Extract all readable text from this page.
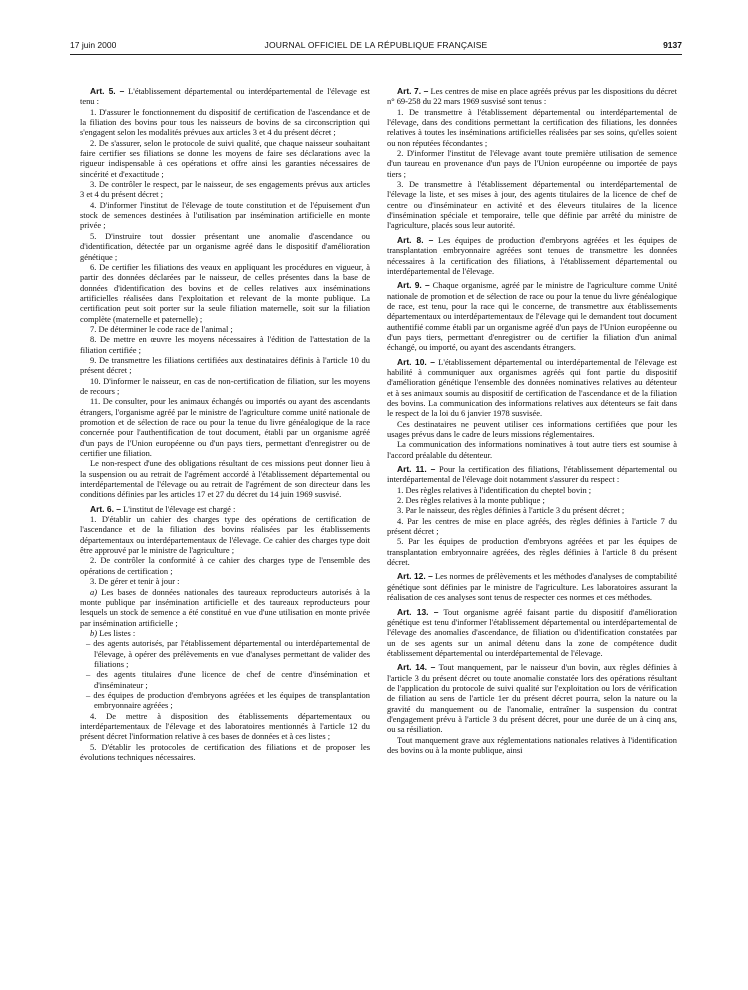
17 juin 2000	JOURNAL OFFICIEL DE LA RÉPUBLIQUE FRANÇAISE	9137

Art. 5. – L'établissement départemental ou interdépartemental de l'élevage est tenu :

1. D'assurer le fonctionnement du dispositif de certification de l'ascendance et de la filiation des bovins pour tous les naisseurs de bovins de sa circonscription qui s'engagent selon les modalités prévues aux articles 3 et 4 du présent décret ;

2. De s'assurer, selon le protocole de suivi qualité, que chaque naisseur souhaitant faire certifier ses filiations se donne les moyens de faire ses déclarations avec la rigueur indispensable à ces opérations et offre ainsi les garanties nécessaires de sincérité et d'exactitude ;

3. De contrôler le respect, par le naisseur, de ses engagements prévus aux articles 3 et 4 du présent décret ;

4. D'informer l'institut de l'élevage de toute constitution et de l'épuisement d'un stock de semences destinées à l'utilisation par insémination artificielle en monte privée ;

5. D'instruire tout dossier présentant une anomalie d'ascendance ou d'identification, détectée par un organisme agréé dans le dispositif d'amélioration génétique ;

6. De certifier les filiations des veaux en appliquant les procédures en vigueur, à partir des données déclarées par le naisseur, de celles présentes dans la base de données d'identification des bovins et de celles relatives aux inséminations artificielles réalisées dans l'exploitation et relevant de la monte publique. La certification peut soit porter sur la seule filiation maternelle, soit sur la filiation complète (maternelle et paternelle) ;

7. De déterminer le code race de l'animal ;

8. De mettre en œuvre les moyens nécessaires à l'édition de l'attestation de la filiation certifiée ;

9. De transmettre les filiations certifiées aux destinataires définis à l'article 10 du présent décret ;

10. D'informer le naisseur, en cas de non-certification de filiation, sur les moyens de recours ;

11. De consulter, pour les animaux échangés ou importés ou ayant des ascendants étrangers, l'organisme agréé par le ministre de l'agriculture comme unité nationale de promotion et de sélection de race ou pour la tenue du livre généalogique de la race concernée pour l'authentification de tout document, établi par un organisme agréé d'un pays de l'Union européenne ou d'un pays tiers, permettant d'enregistrer ou de certifier une filiation.

Le non-respect d'une des obligations résultant de ces missions peut donner lieu à la suspension ou au retrait de l'agrément accordé à l'établissement départemental ou interdépartemental de l'élevage ou au retrait de l'agrément de son directeur dans les conditions définies par les articles 17 et 27 du décret du 14 juin 1969 susvisé.

Art. 6. – L'institut de l'élevage est chargé :

1. D'établir un cahier des charges type des opérations de certification de l'ascendance et de la filiation des bovins réalisées par les établissements départementaux ou interdépartementaux de l'élevage. Ce cahier des charges type doit être approuvé par le ministre de l'agriculture ;

2. De contrôler la conformité à ce cahier des charges type de l'ensemble des opérations de certification ;

3. De gérer et tenir à jour :

a) Les bases de données nationales des taureaux reproducteurs autorisés à la monte publique par insémination artificielle et des taureaux reproducteurs pour lesquels un stock de semence a été constitué en vue d'une utilisation en monte privée par insémination artificielle ;

b) Les listes :

– des agents autorisés, par l'établissement départemental ou interdépartemental de l'élevage, à opérer des prélèvements en vue d'analyses permettant de valider des filiations ;

– des agents titulaires d'une licence de chef de centre d'insémination et d'inséminateur ;

– des équipes de production d'embryons agréées et les équipes de transplantation embryonnaire agréées ;

4. De mettre à disposition des établissements départementaux ou interdépartementaux de l'élevage et des laboratoires mentionnés à l'article 12 du présent décret l'information relative à ces bases de données et à ces listes ;

5. D'établir les protocoles de certification des filiations et de proposer les évolutions techniques nécessaires.

Art. 7. – Les centres de mise en place agréés prévus par les dispositions du décret n° 69-258 du 22 mars 1969 susvisé sont tenus :

1. De transmettre à l'établissement départemental ou interdépartemental de l'élevage, dans des conditions permettant la certification des filiations, les données relatives à toutes les inséminations artificielles réalisées par ses soins, qu'elles soient ou non réputées fécondantes ;

2. D'informer l'institut de l'élevage avant toute première utilisation de semence d'un taureau en provenance d'un pays de l'Union européenne ou importée de pays tiers ;

3. De transmettre à l'établissement départemental ou interdépartemental de l'élevage la liste, et ses mises à jour, des agents titulaires de la licence de chef de centre ou d'inséminateur en activité et des éleveurs titulaires de la licence d'insémination spéciale et temporaire, telle que définie par arrêté du ministre de l'agriculture, placés sous leur autorité.

Art. 8. – Les équipes de production d'embryons agréées et les équipes de transplantation embryonnaire agréées sont tenues de transmettre les données nécessaires à la certification des filiations, à l'établissement départemental ou interdépartemental de l'élevage.

Art. 9. – Chaque organisme, agréé par le ministre de l'agriculture comme Unité nationale de promotion et de sélection de race ou pour la tenue du livre généalogique de race, est tenu, pour la race qui le concerne, de transmettre aux établissements départementaux ou interdépartementaux de l'élevage qui le demandent tout document authentifié comme établi par un organisme agréé d'un pays de l'Union européenne ou d'un pays tiers, permettant d'enregistrer ou de certifier la filiation d'un animal échangé, ou importé, ou ayant des ascendants étrangers.

Art. 10. – L'établissement départemental ou interdépartemental de l'élevage est habilité à communiquer aux organismes agréés qui font partie du dispositif d'amélioration génétique l'ensemble des données nominatives relatives au détenteur et à ses animaux soumis au dispositif de certification de l'ascendance et de la filiation des bovins. La communication des informations relatives aux détenteurs se fait dans le respect de la loi du 6 janvier 1978 susvisée.

Ces destinataires ne peuvent utiliser ces informations certifiées que pour les usages prévus dans le cadre de leurs missions réglementaires.

La communication des informations nominatives à tout autre tiers est soumise à l'accord préalable du détenteur.

Art. 11. – Pour la certification des filiations, l'établissement départemental ou interdépartemental de l'élevage doit notamment s'assurer du respect :

1. Des règles relatives à l'identification du cheptel bovin ;

2. Des règles relatives à la monte publique ;

3. Par le naisseur, des règles définies à l'article 3 du présent décret ;

4. Par les centres de mise en place agréés, des règles définies à l'article 7 du présent décret ;

5. Par les équipes de production d'embryons agréées et par les équipes de transplantation embryonnaire agréées, des règles définies à l'article 8 du présent décret.

Art. 12. – Les normes de prélèvements et les méthodes d'analyses de comptabilité génétique sont définies par le ministre de l'agriculture. Les laboratoires assurant la réalisation de ces analyses sont tenus de respecter ces normes et ces méthodes.

Art. 13. – Tout organisme agréé faisant partie du dispositif d'amélioration génétique est tenu d'informer l'établissement départemental ou interdépartemental de l'élevage des anomalies d'ascendance, de filiation ou d'identification constatées par un de ses agents sur un animal détenu dans la zone de compétence dudit établissement départemental ou interdépartemental de l'élevage.

Art. 14. – Tout manquement, par le naisseur d'un bovin, aux règles définies à l'article 3 du présent décret ou toute anomalie constatée lors des opérations résultant de l'application du protocole de suivi qualité sur l'exploitation ou lors de vérification de filiation au sens de l'article 1er du présent décret pourra, selon la nature ou la gravité du manquement ou de l'anomalie, entraîner la suspension du contrat d'engagement prévu à l'article 3 du présent décret, pour une durée de un à cinq ans, ou sa résiliation.

Tout manquement grave aux réglementations nationales relatives à l'identification des bovins ou à la monte publique, ainsi
